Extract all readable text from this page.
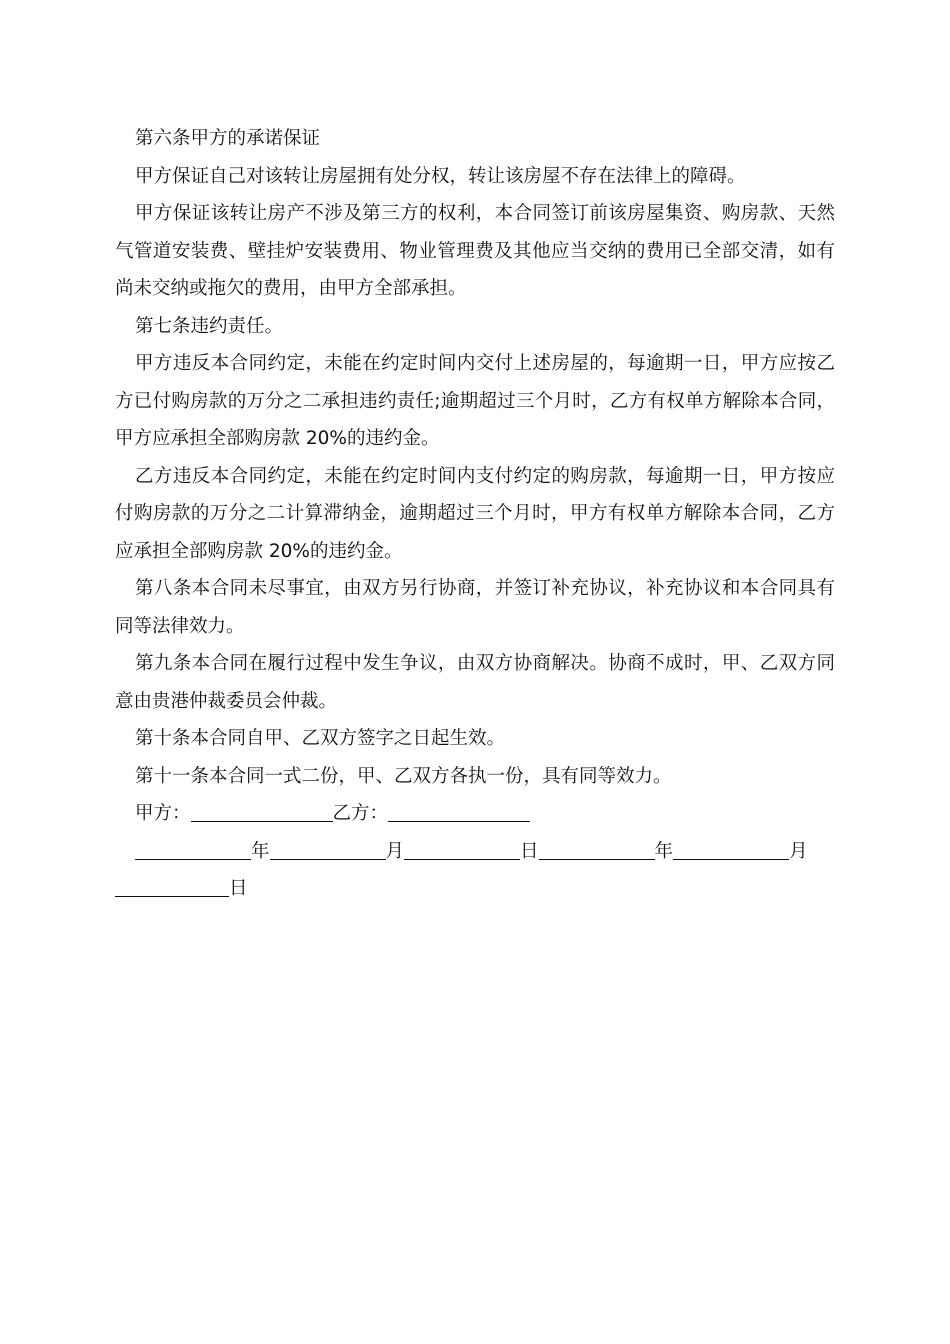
第六条甲方的承诺保证

甲方保证自己对该转让房屋拥有处分权，转让该房屋不存在法律上的障碍。

甲方保证该转让房产不涉及第三方的权利，本合同签订前该房屋集资、购房款、天然气管道安装费、壁挂炉安装费用、物业管理费及其他应当交纳的费用已全部交清，如有尚未交纳或拖欠的费用，由甲方全部承担。

第七条违约责任。

甲方违反本合同约定，未能在约定时间内交付上述房屋的，每逾期一日，甲方应按乙方已付购房款的万分之二承担违约责任;逾期超过三个月时，乙方有权单方解除本合同，甲方应承担全部购房款 20%的违约金。

乙方违反本合同约定，未能在约定时间内支付约定的购房款，每逾期一日，甲方按应付购房款的万分之二计算滞纳金，逾期超过三个月时，甲方有权单方解除本合同，乙方应承担全部购房款 20%的违约金。

第八条本合同未尽事宜，由双方另行协商，并签订补充协议，补充协议和本合同具有同等法律效力。

第九条本合同在履行过程中发生争议，由双方协商解决。协商不成时，甲、乙双方同意由贵港仲裁委员会仲裁。

第十条本合同自甲、乙双方签字之日起生效。

第十一条本合同一式二份，甲、乙双方各执一份，具有同等效力。

甲方：	乙方：

年	月	日	年	月日
